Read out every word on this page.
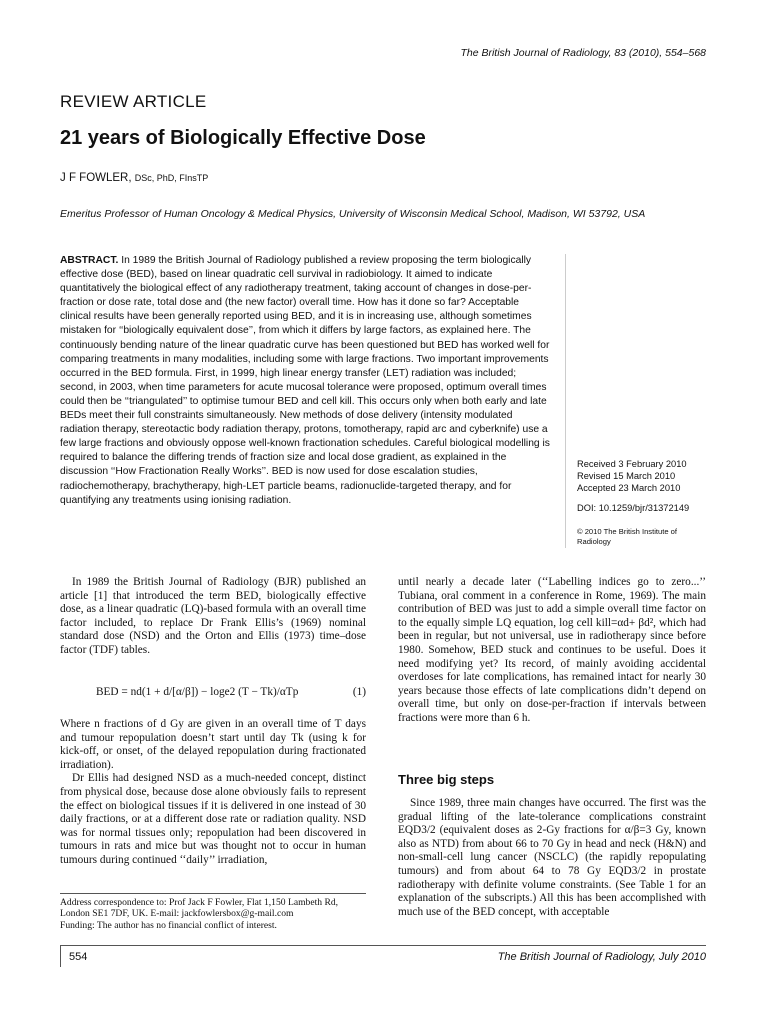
The British Journal of Radiology, 83 (2010), 554–568
REVIEW ARTICLE
21 years of Biologically Effective Dose
J F FOWLER, DSc, PhD, FInsTP
Emeritus Professor of Human Oncology & Medical Physics, University of Wisconsin Medical School, Madison, WI 53792, USA
ABSTRACT. In 1989 the British Journal of Radiology published a review proposing the term biologically effective dose (BED), based on linear quadratic cell survival in radiobiology. It aimed to indicate quantitatively the biological effect of any radiotherapy treatment, taking account of changes in dose-per-fraction or dose rate, total dose and (the new factor) overall time. How has it done so far? Acceptable clinical results have been generally reported using BED, and it is in increasing use, although sometimes mistaken for ‘‘biologically equivalent dose’’, from which it differs by large factors, as explained here. The continuously bending nature of the linear quadratic curve has been questioned but BED has worked well for comparing treatments in many modalities, including some with large fractions. Two important improvements occurred in the BED formula. First, in 1999, high linear energy transfer (LET) radiation was included; second, in 2003, when time parameters for acute mucosal tolerance were proposed, optimum overall times could then be ‘‘triangulated’’ to optimise tumour BED and cell kill. This occurs only when both early and late BEDs meet their full constraints simultaneously. New methods of dose delivery (intensity modulated radiation therapy, stereotactic body radiation therapy, protons, tomotherapy, rapid arc and cyberknife) use a few large fractions and obviously oppose well-known fractionation schedules. Careful biological modelling is required to balance the differing trends of fraction size and local dose gradient, as explained in the discussion ‘‘How Fractionation Really Works’’. BED is now used for dose escalation studies, radiochemotherapy, brachytherapy, high-LET particle beams, radionuclide-targeted therapy, and for quantifying any treatments using ionising radiation.
Received 3 February 2010
Revised 15 March 2010
Accepted 23 March 2010
DOI: 10.1259/bjr/31372149
© 2010 The British Institute of Radiology

In 1989 the British Journal of Radiology (BJR) published an article [1] that introduced the term BED, biologically effective dose, as a linear quadratic (LQ)-based formula with an overall time factor included, to replace Dr Frank Ellis’s (1969) nominal standard dose (NSD) and the Orton and Ellis (1973) time–dose factor (TDF) tables.

BED = nd(1 + d/[α/β]) − loge2 (T − Tk)/αTp	(1)

Where n fractions of d Gy are given in an overall time of T days and tumour repopulation doesn’t start until day Tk (using k for kick-off, or onset, of the delayed repopulation during fractionated irradiation).

Dr Ellis had designed NSD as a much-needed concept, distinct from physical dose, because dose alone obviously fails to represent the effect on biological tissues if it is delivered in one instead of 30 daily fractions, or at a different dose rate or radiation quality. NSD was for normal tissues only; repopulation had been discovered in tumours in rats and mice but was thought not to occur in human tumours during continued ‘‘daily’’ irradiation,

until nearly a decade later (‘‘Labelling indices go to zero...’’ Tubiana, oral comment in a conference in Rome, 1969). The main contribution of BED was just to add a simple overall time factor on to the equally simple LQ equation, log cell kill=αd+ βd², which had been in regular, but not universal, use in radiotherapy since before 1980. Somehow, BED stuck and continues to be useful. Does it need modifying yet? Its record, of mainly avoiding accidental overdoses for late complications, has remained intact for nearly 30 years because those effects of late complications didn’t depend on overall time, but only on dose-per-fraction if intervals between fractions were more than 6 h.

Three big steps

Since 1989, three main changes have occurred. The first was the gradual lifting of the late-tolerance complications constraint EQD3/2 (equivalent doses as 2-Gy fractions for α/β=3 Gy, known also as NTD) from about 66 to 70 Gy in head and neck (H&N) and non-small-cell lung cancer (NSCLC) (the rapidly repopulating tumours) and from about 64 to 78 Gy EQD3/2 in prostate radiotherapy with definite volume constraints. (See Table 1 for an explanation of the subscripts.) All this has been accomplished with much use of the BED concept, with acceptable

Address correspondence to: Prof Jack F Fowler, Flat 1,150 Lambeth Rd, London SE1 7DF, UK. E-mail: jackfowlersbox@g-mail.com
Funding: The author has no financial conflict of interest.
554	The British Journal of Radiology, July 2010
